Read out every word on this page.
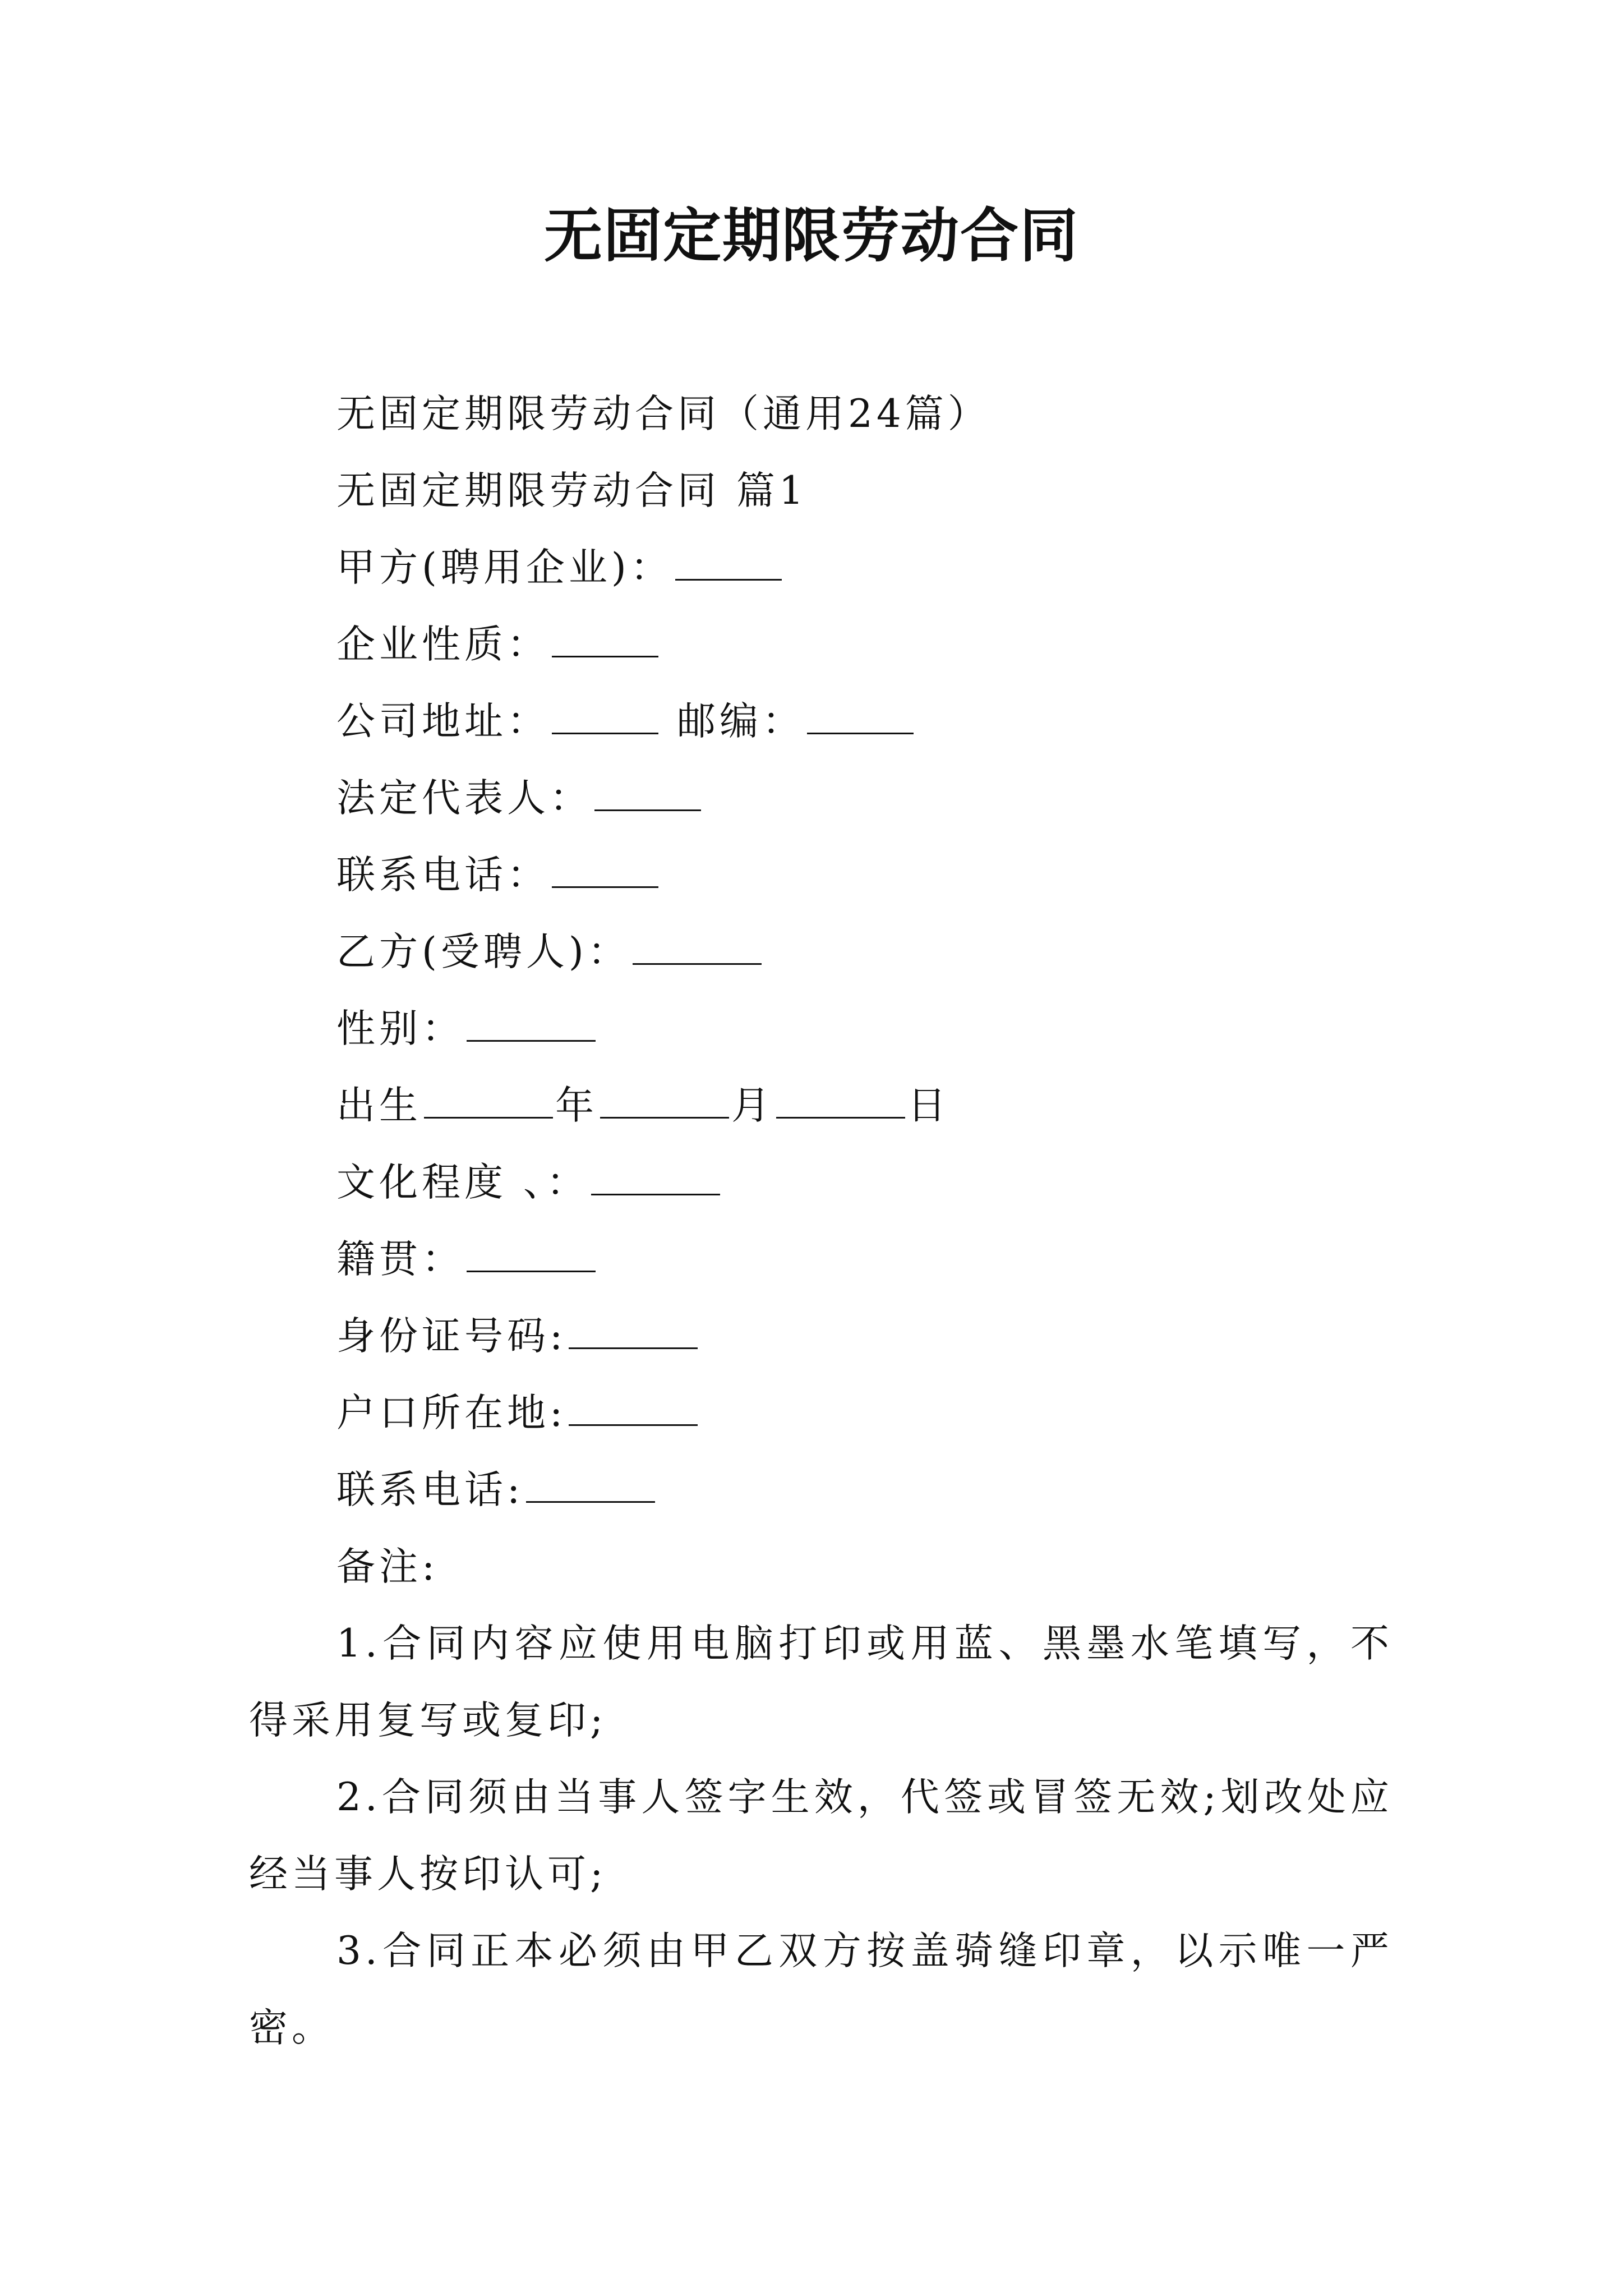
无固定期限劳动合同
无固定期限劳动合同（通用24篇）
无固定期限劳动合同 篇1
甲方(聘用企业)：
企业性质：
公司地址：	邮编：
法定代表人：
联系电话：
乙方(受聘人)：
性别：
出生	年	月	日
文化程度 、：
籍贯：
身份证号码:
户口所在地:
联系电话:
备注:
1.合同内容应使用电脑打印或用蓝、黑墨水笔填写，不得采用复写或复印;
2.合同须由当事人签字生效，代签或冒签无效;划改处应经当事人按印认可;
3.合同正本必须由甲乙双方按盖骑缝印章，以示唯一严密。
